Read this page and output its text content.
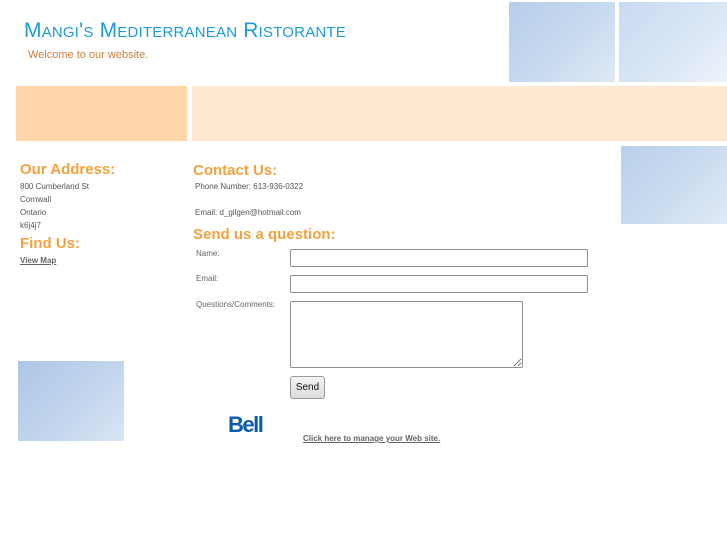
Mangi's Mediterranean Ristorante
Welcome to our website.
Our Address:
800 Cumberland St
Cornwall
Ontario
k6j4j7
Find Us:
View Map
Contact Us:
Phone Number: 613-936-0322
Email: d_gilgen@hotmail.com
Send us a question:
Name:
Email:
Questions/Comments:
Send
Bell
Click here to manage your Web site.
